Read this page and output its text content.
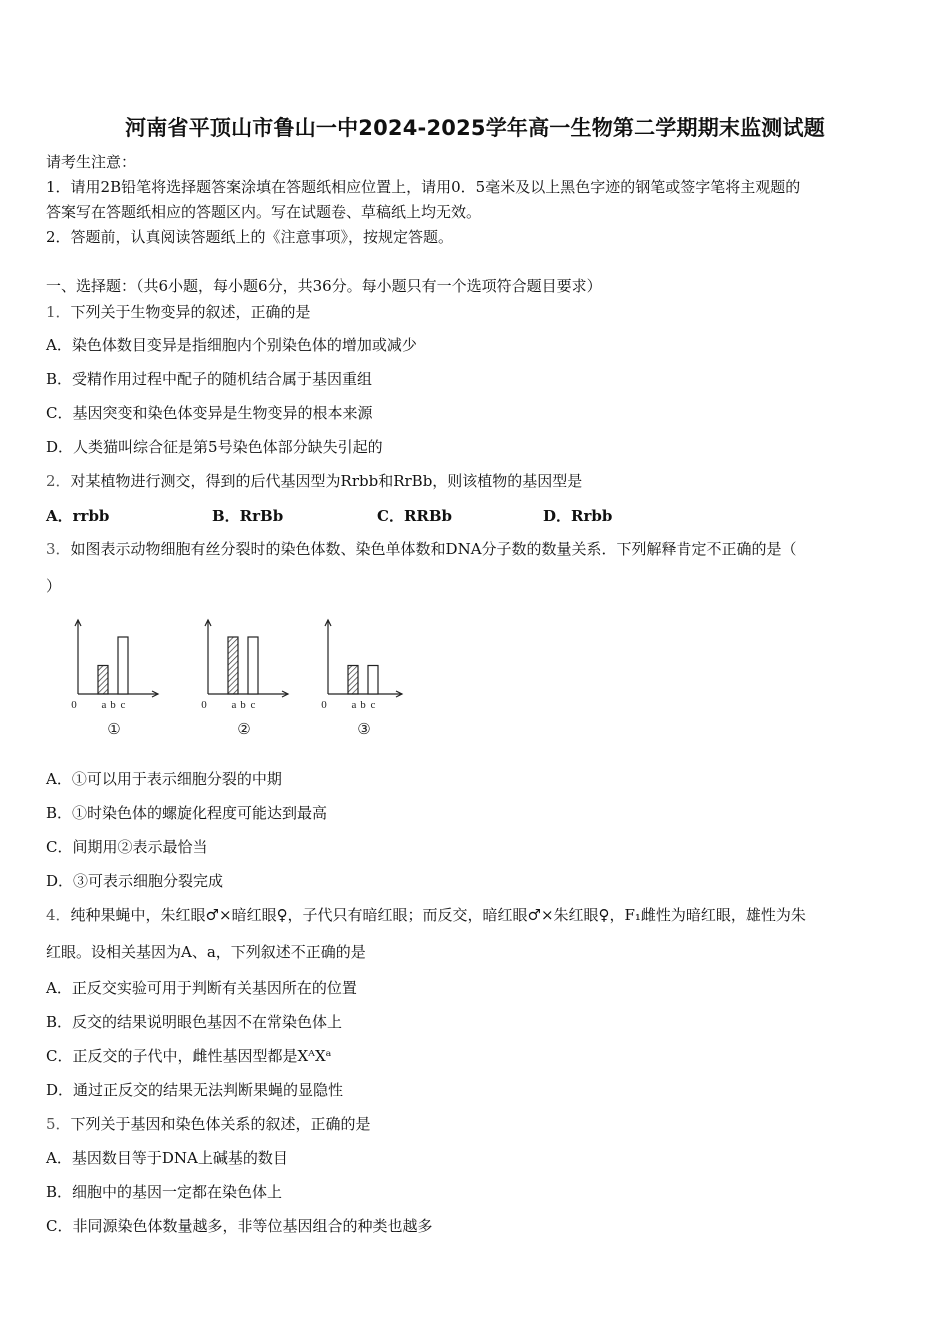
河南省平顶山市鲁山一中2024-2025学年高一生物第二学期期末监测试题
请考生注意：
1．请用2B铅笔将选择题答案涂填在答题纸相应位置上，请用0．5毫米及以上黑色字迹的钢笔或签字笔将主观题的
答案写在答题纸相应的答题区内。写在试题卷、草稿纸上均无效。
2．答题前，认真阅读答题纸上的《注意事项》，按规定答题。
一、选择题：（共6小题，每小题6分，共36分。每小题只有一个选项符合题目要求）
1．下列关于生物变异的叙述，正确的是
A．染色体数目变异是指细胞内个别染色体的增加或减少
B．受精作用过程中配子的随机结合属于基因重组
C．基因突变和染色体变异是生物变异的根本来源
D．人类猫叫综合征是第5号染色体部分缺失引起的
2．对某植物进行测交，得到的后代基因型为Rrbb和RrBb，则该植物的基因型是
A．rrbb	B．RrBb	C．RRBb	D．Rrbb
3．如图表示动物细胞有丝分裂时的染色体数、染色单体数和DNA分子数的数量关系．下列解释肯定不正确的是（
）
0 a b c
①
0 a b c
②
0 a b c
③
A．①可以用于表示细胞分裂的中期
B．①时染色体的螺旋化程度可能达到最高
C．间期用②表示最恰当
D．③可表示细胞分裂完成
4．纯种果蝇中，朱红眼♂×暗红眼♀，子代只有暗红眼；而反交，暗红眼♂×朱红眼♀，F₁雌性为暗红眼，雄性为朱
红眼。设相关基因为A、a，下列叙述不正确的是
A．正反交实验可用于判断有关基因所在的位置
B．反交的结果说明眼色基因不在常染色体上
C．正反交的子代中，雌性基因型都是XᴬXᵃ
D．通过正反交的结果无法判断果蝇的显隐性
5．下列关于基因和染色体关系的叙述，正确的是
A．基因数目等于DNA上碱基的数目
B．细胞中的基因一定都在染色体上
C．非同源染色体数量越多，非等位基因组合的种类也越多
